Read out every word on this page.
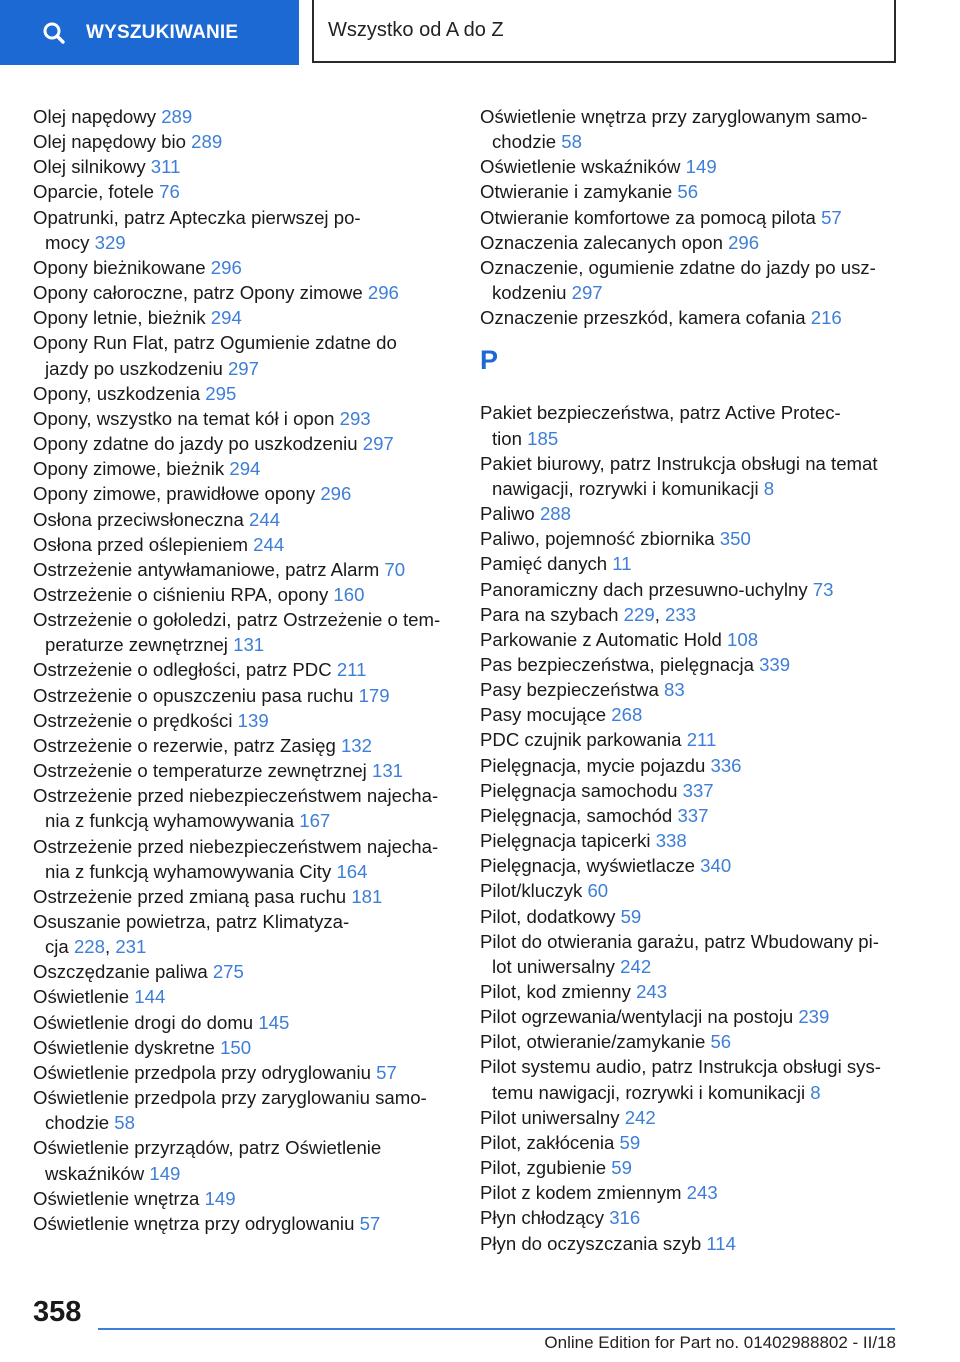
WYSZUKIWANIE	Wszystko od A do Z
Olej napędowy 289
Olej napędowy bio 289
Olej silnikowy 311
Oparcie, fotele 76
Opatrunki, patrz Apteczka pierwszej po-
mocy 329
Opony bieżnikowane 296
Opony całoroczne, patrz Opony zimowe 296
Opony letnie, bieżnik 294
Opony Run Flat, patrz Ogumienie zdatne do
jazdy po uszkodzeniu 297
Opony, uszkodzenia 295
Opony, wszystko na temat kół i opon 293
Opony zdatne do jazdy po uszkodzeniu 297
Opony zimowe, bieżnik 294
Opony zimowe, prawidłowe opony 296
Osłona przeciwsłoneczna 244
Osłona przed oślepieniem 244
Ostrzeżenie antywłamaniowe, patrz Alarm 70
Ostrzeżenie o ciśnieniu RPA, opony 160
Ostrzeżenie o gołoledzi, patrz Ostrzeżenie o tem-
peraturze zewnętrznej 131
Ostrzeżenie o odległości, patrz PDC 211
Ostrzeżenie o opuszczeniu pasa ruchu 179
Ostrzeżenie o prędkości 139
Ostrzeżenie o rezerwie, patrz Zasięg 132
Ostrzeżenie o temperaturze zewnętrznej 131
Ostrzeżenie przed niebezpieczeństwem najecha-
nia z funkcją wyhamowywania 167
Ostrzeżenie przed niebezpieczeństwem najecha-
nia z funkcją wyhamowywania City 164
Ostrzeżenie przed zmianą pasa ruchu 181
Osuszanie powietrza, patrz Klimatyza-
cja 228, 231
Oszczędzanie paliwa 275
Oświetlenie 144
Oświetlenie drogi do domu 145
Oświetlenie dyskretne 150
Oświetlenie przedpola przy odryglowaniu 57
Oświetlenie przedpola przy zaryglowaniu samo-
chodzie 58
Oświetlenie przyrządów, patrz Oświetlenie
wskaźników 149
Oświetlenie wnętrza 149
Oświetlenie wnętrza przy odryglowaniu 57
Oświetlenie wnętrza przy zaryglowanym samo-
chodzie 58
Oświetlenie wskaźników 149
Otwieranie i zamykanie 56
Otwieranie komfortowe za pomocą pilota 57
Oznaczenia zalecanych opon 296
Oznaczenie, ogumienie zdatne do jazdy po usz-
kodzeniu 297
Oznaczenie przeszkód, kamera cofania 216
P
Pakiet bezpieczeństwa, patrz Active Protec-
tion 185
Pakiet biurowy, patrz Instrukcja obsługi na temat
nawigacji, rozrywki i komunikacji 8
Paliwo 288
Paliwo, pojemność zbiornika 350
Pamięć danych 11
Panoramiczny dach przesuwno-uchylny 73
Para na szybach 229, 233
Parkowanie z Automatic Hold 108
Pas bezpieczeństwa, pielęgnacja 339
Pasy bezpieczeństwa 83
Pasy mocujące 268
PDC czujnik parkowania 211
Pielęgnacja, mycie pojazdu 336
Pielęgnacja samochodu 337
Pielęgnacja, samochód 337
Pielęgnacja tapicerki 338
Pielęgnacja, wyświetlacze 340
Pilot/kluczyk 60
Pilot, dodatkowy 59
Pilot do otwierania garażu, patrz Wbudowany pi-
lot uniwersalny 242
Pilot, kod zmienny 243
Pilot ogrzewania/wentylacji na postoju 239
Pilot, otwieranie/zamykanie 56
Pilot systemu audio, patrz Instrukcja obsługi sys-
temu nawigacji, rozrywki i komunikacji 8
Pilot uniwersalny 242
Pilot, zakłócenia 59
Pilot, zgubienie 59
Pilot z kodem zmiennym 243
Płyn chłodzący 316
Płyn do oczyszczania szyb 114
358
Online Edition for Part no. 01402988802 - II/18
